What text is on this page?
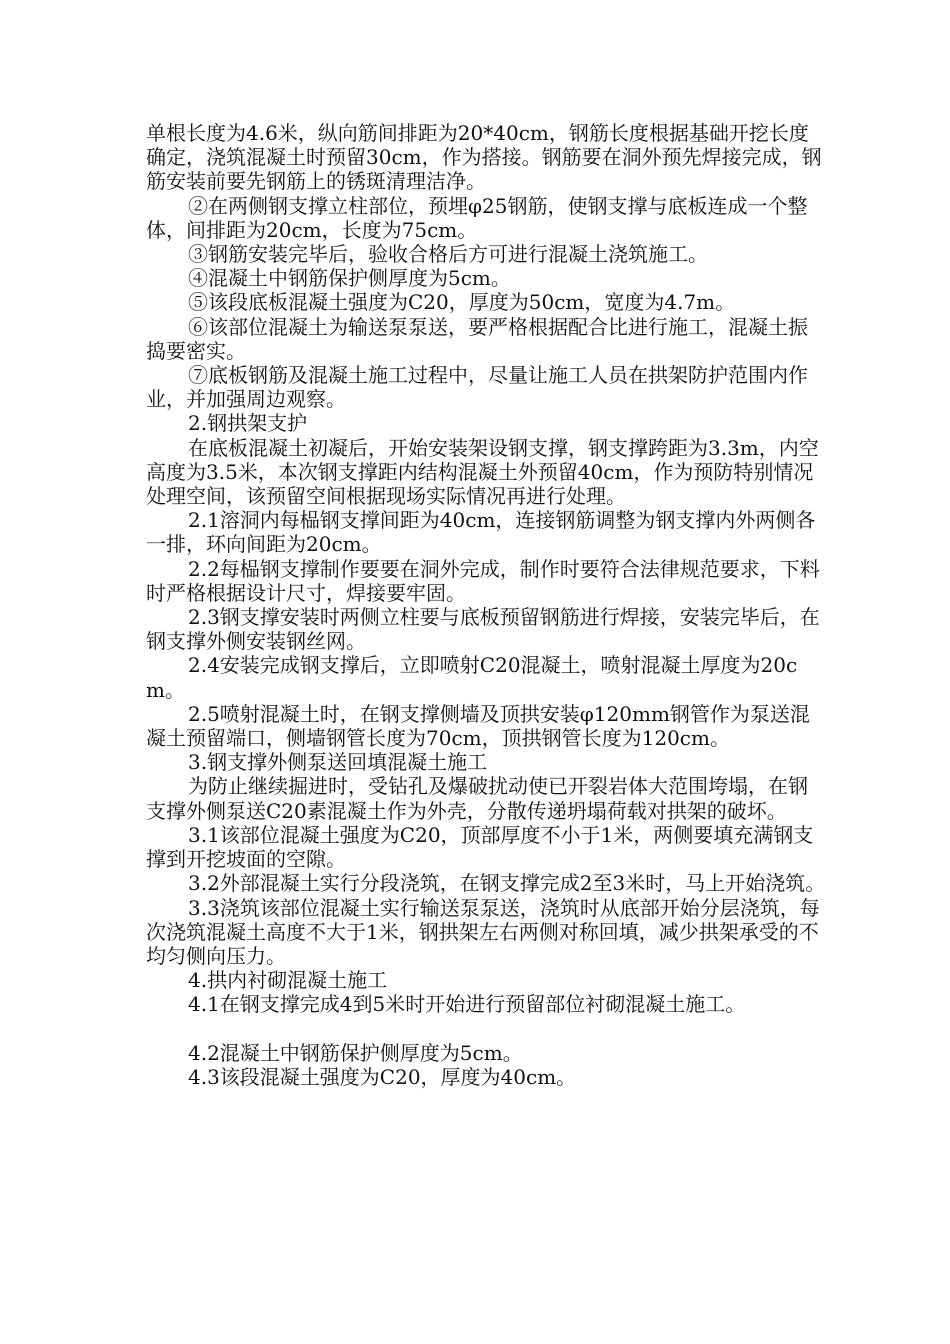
单根长度为4.6米，纵向筋间排距为20*40cm，钢筋长度根据基础开挖长度确定，浇筑混凝土时预留30cm，作为搭接。钢筋要在洞外预先焊接完成，钢筋安装前要先钢筋上的锈斑清理洁净。

②在两侧钢支撑立柱部位，预埋φ25钢筋，使钢支撑与底板连成一个整体，间排距为20cm，长度为75cm。

③钢筋安装完毕后，验收合格后方可进行混凝土浇筑施工。

④混凝土中钢筋保护侧厚度为5cm。

⑤该段底板混凝土强度为C20，厚度为50cm，宽度为4.7m。

⑥该部位混凝土为输送泵泵送，要严格根据配合比进行施工，混凝土振捣要密实。

⑦底板钢筋及混凝土施工过程中，尽量让施工人员在拱架防护范围内作业，并加强周边观察。

2.钢拱架支护

在底板混凝土初凝后，开始安装架设钢支撑，钢支撑跨距为3.3m，内空高度为3.5米，本次钢支撑距内结构混凝土外预留40cm，作为预防特别情况处理空间，该预留空间根据现场实际情况再进行处理。

2.1溶洞内每榀钢支撑间距为40cm，连接钢筋调整为钢支撑内外两侧各一排，环向间距为20cm。

2.2每榀钢支撑制作要要在洞外完成，制作时要符合法律规范要求，下料时严格根据设计尺寸，焊接要牢固。

2.3钢支撑安装时两侧立柱要与底板预留钢筋进行焊接，安装完毕后，在钢支撑外侧安装钢丝网。

2.4安装完成钢支撑后，立即喷射C20混凝土，喷射混凝土厚度为20cm。

2.5喷射混凝土时，在钢支撑侧墙及顶拱安装φ120mm钢管作为泵送混凝土预留端口，侧墙钢管长度为70cm，顶拱钢管长度为120cm。

3.钢支撑外侧泵送回填混凝土施工

为防止继续掘进时，受钻孔及爆破扰动使已开裂岩体大范围垮塌，在钢支撑外侧泵送C20素混凝土作为外壳，分散传递坍塌荷载对拱架的破坏。

3.1该部位混凝土强度为C20，顶部厚度不小于1米，两侧要填充满钢支撑到开挖坡面的空隙。

3.2外部混凝土实行分段浇筑，在钢支撑完成2至3米时，马上开始浇筑。

3.3浇筑该部位混凝土实行输送泵泵送，浇筑时从底部开始分层浇筑，每次浇筑混凝土高度不大于1米，钢拱架左右两侧对称回填，减少拱架承受的不均匀侧向压力。

4.拱内衬砌混凝土施工

4.1在钢支撑完成4到5米时开始进行预留部位衬砌混凝土施工。

4.2混凝土中钢筋保护侧厚度为5cm。

4.3该段混凝土强度为C20，厚度为40cm。
